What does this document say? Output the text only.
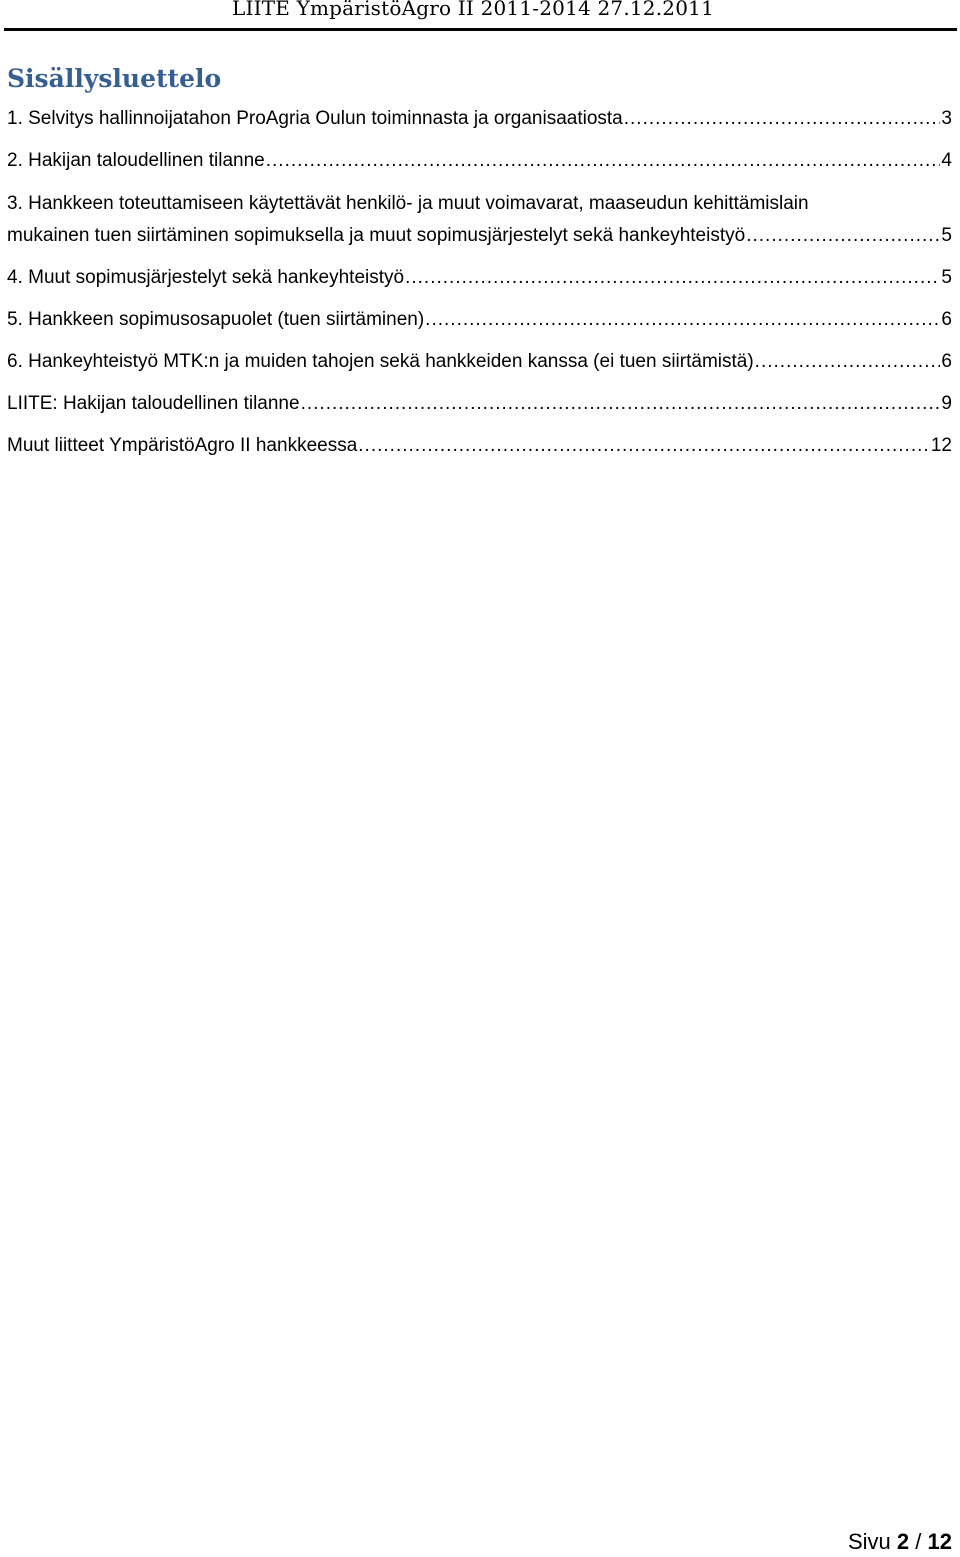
LIITE YmpäristöAgro II 2011-2014 27.12.2011
Sisällysluettelo
1. Selvitys hallinnoijatahon ProAgria Oulun toiminnasta ja organisaatiosta .....	3
2. Hakijan taloudellinen tilanne .....	4
3. Hankkeen toteuttamiseen käytettävät henkilö- ja muut voimavarat, maaseudun kehittämislain
mukainen tuen siirtäminen sopimuksella ja muut sopimusjärjestelyt sekä hankeyhteistyö .....	5
4. Muut sopimusjärjestelyt sekä hankeyhteistyö .....	5
5. Hankkeen sopimusosapuolet (tuen siirtäminen) .....	6
6. Hankeyhteistyö MTK:n ja muiden tahojen sekä hankkeiden kanssa (ei tuen siirtämistä) .....	6
LIITE: Hakijan taloudellinen tilanne .....	9
Muut liitteet YmpäristöAgro II hankkeessa .....	12
Sivu 2 / 12
